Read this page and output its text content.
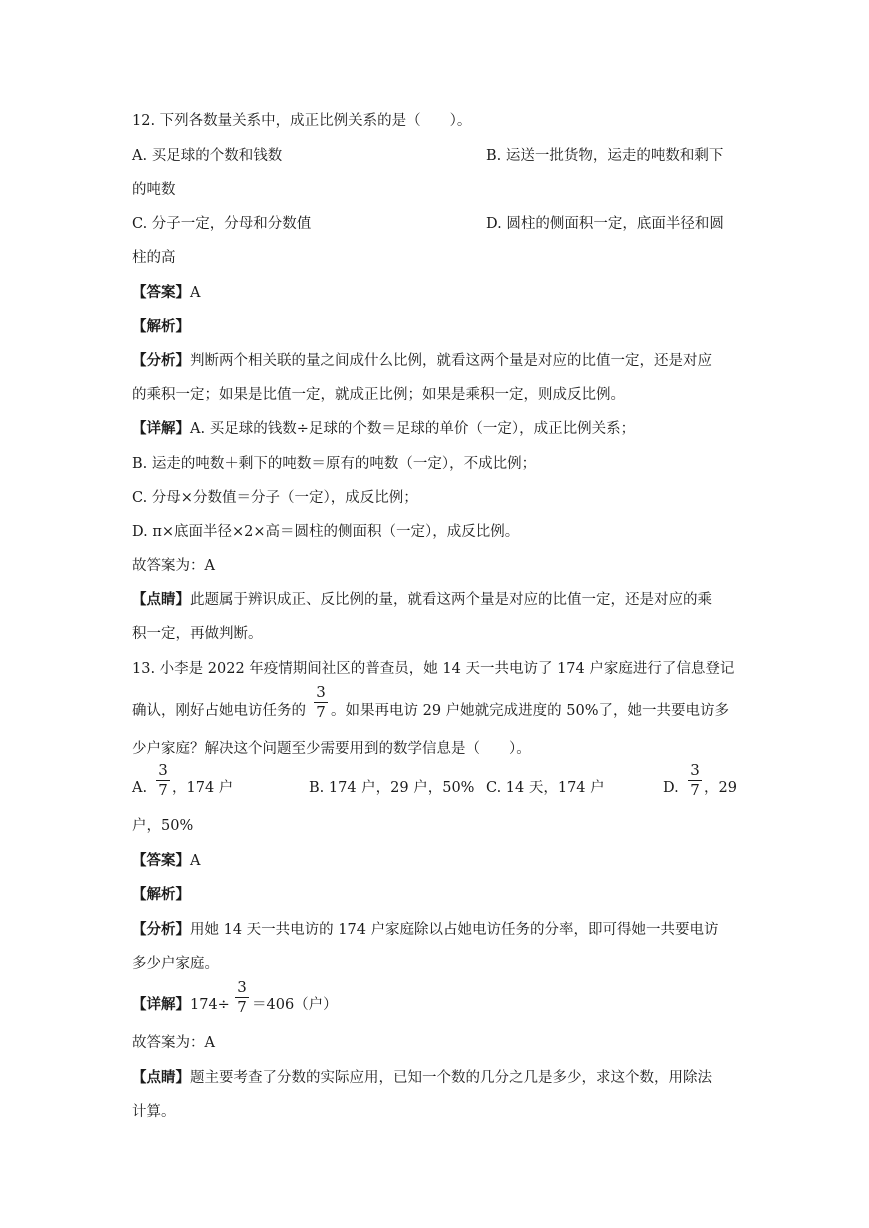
12. 下列各数量关系中，成正比例关系的是（　　）。
A. 买足球的个数和钱数	B. 运送一批货物，运走的吨数和剩下
的吨数
C. 分子一定，分母和分数值	D. 圆柱的侧面积一定，底面半径和圆
柱的高
【答案】A
【解析】
【分析】判断两个相关联的量之间成什么比例，就看这两个量是对应的比值一定，还是对应
的乘积一定；如果是比值一定，就成正比例；如果是乘积一定，则成反比例。
【详解】A. 买足球的钱数÷足球的个数＝足球的单价（一定），成正比例关系；
B. 运走的吨数＋剩下的吨数＝原有的吨数（一定），不成比例；
C. 分母×分数值＝分子（一定），成反比例；
D. π×底面半径×2×高＝圆柱的侧面积（一定），成反比例。
故答案为：A
【点睛】此题属于辨识成正、反比例的量，就看这两个量是对应的比值一定，还是对应的乘
积一定，再做判断。
13. 小李是 2022 年疫情期间社区的普查员，她 14 天一共电访了 174 户家庭进行了信息登记
确认，刚好占她电访任务的
3
7 。如果再电访 29 户她就完成进度的 50%了，她一共要电访多
少户家庭？解决这个问题至少需要用到的数学信息是（　　）。
A.
3
7 ，174 户	B. 174 户，29 户，50% C. 14 天，174 户	D.
3
7 ，29
户，50%
【答案】A
【解析】
【分析】用她 14 天一共电访的 174 户家庭除以占她电访任务的分率，即可得她一共要电访
多少户家庭。
【详解】174÷
3
7 ＝406（户）
故答案为：A
【点睛】题主要考查了分数的实际应用，已知一个数的几分之几是多少，求这个数，用除法
计算。
